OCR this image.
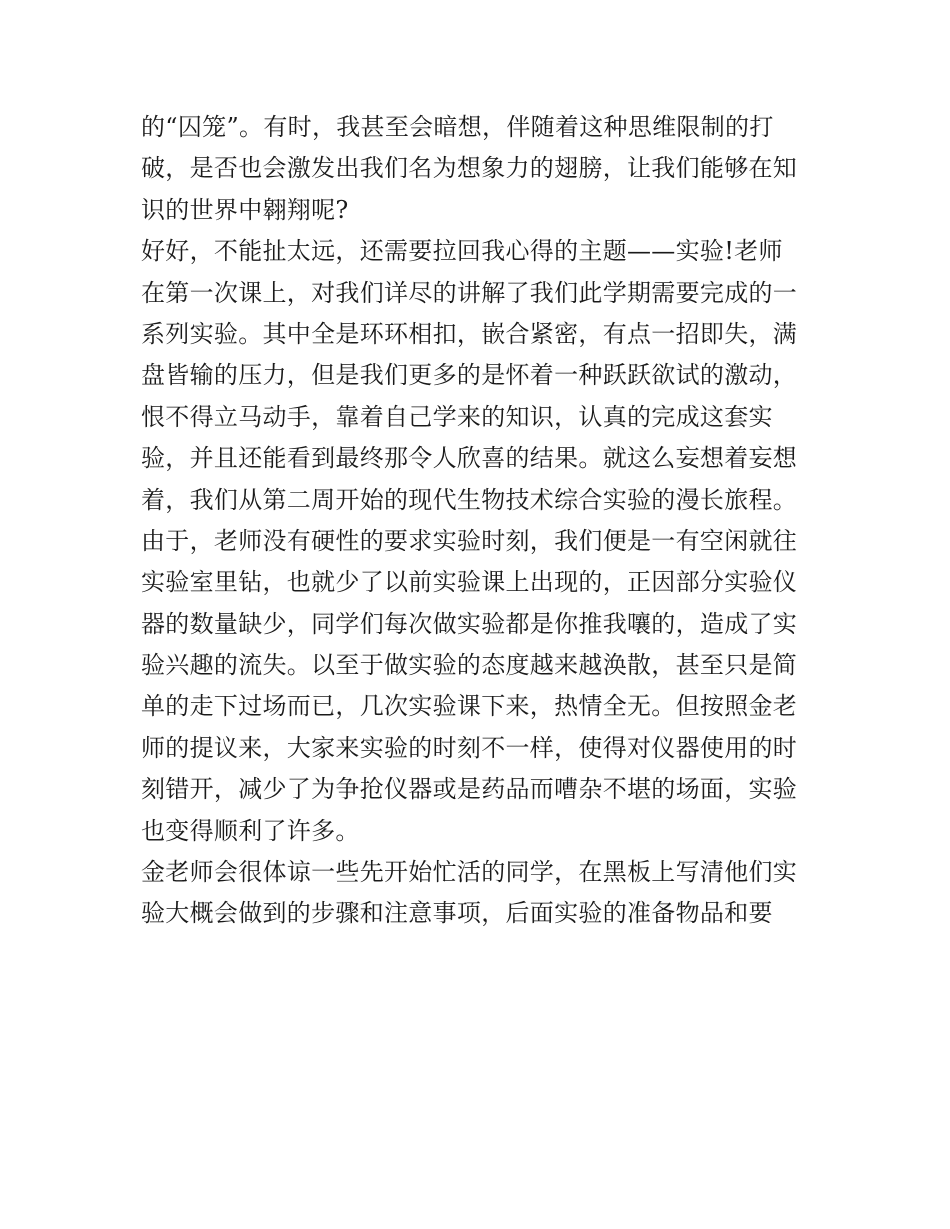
的“囚笼”。有时，我甚至会暗想，伴随着这种思维限制的打
破，是否也会激发出我们名为想象力的翅膀，让我们能够在知
识的世界中翱翔呢?
好好，不能扯太远，还需要拉回我心得的主题——实验!老师
在第一次课上，对我们详尽的讲解了我们此学期需要完成的一
系列实验。其中全是环环相扣，嵌合紧密，有点一招即失，满
盘皆输的压力，但是我们更多的是怀着一种跃跃欲试的激动，
恨不得立马动手，靠着自己学来的知识，认真的完成这套实
验，并且还能看到最终那令人欣喜的结果。就这么妄想着妄想
着，我们从第二周开始的现代生物技术综合实验的漫长旅程。
由于，老师没有硬性的要求实验时刻，我们便是一有空闲就往
实验室里钻，也就少了以前实验课上出现的，正因部分实验仪
器的数量缺少，同学们每次做实验都是你推我嚷的，造成了实
验兴趣的流失。以至于做实验的态度越来越涣散，甚至只是简
单的走下过场而已，几次实验课下来，热情全无。但按照金老
师的提议来，大家来实验的时刻不一样，使得对仪器使用的时
刻错开，减少了为争抢仪器或是药品而嘈杂不堪的场面，实验
也变得顺利了许多。
金老师会很体谅一些先开始忙活的同学，在黑板上写清他们实
验大概会做到的步骤和注意事项，后面实验的准备物品和要
